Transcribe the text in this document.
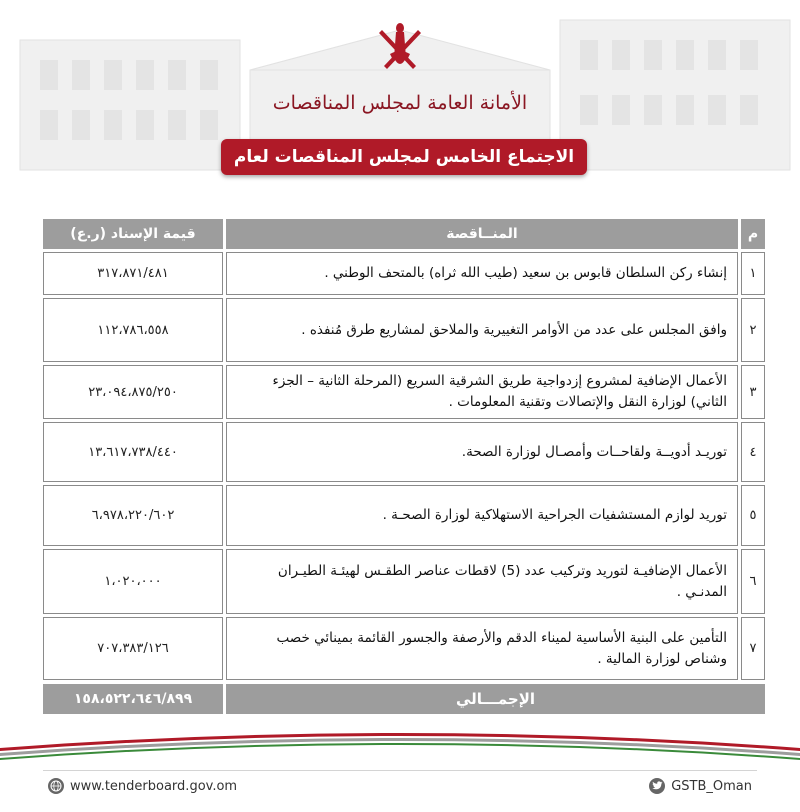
الأمانة العامة لمجلس المناقصات
الاجتماع الخامس لمجلس المناقصات لعام 2020م
م
المنــاقصة
قيمة الإسناد (ر.ع)
١
إنشاء ركن السلطان قابوس بن سعيد (طيب الله ثراه) بالمتحف الوطني .
٣١٧،٨٧١/٤٨١
٢
وافق المجلس على عدد من الأوامر التغييرية والملاحق لمشاريع طرق مُنفذه .
١١٢،٧٨٦،٥٥٨
٣
الأعمال الإضافية لمشروع إزدواجية طريق الشرقية السريع (المرحلة الثانية – الجزء الثاني) لوزارة النقل والإتصالات وتقنية المعلومات .
٢٣،٠٩٤،٨٧٥/٢٥٠
٤
توريـد أدويــة ولقاحــات وأمصـال لوزارة الصحة.
١٣،٦١٧،٧٣٨/٤٤٠
٥
توريد لوازم المستشفيات الجراحية الاستهلاكية لوزارة الصحـة .
٦،٩٧٨،٢٢٠/٦٠٢
٦
الأعمال الإضافيـة لتوريد وتركيب عدد (5) لاقطات عناصر الطقـس لهيئـة الطيـران المدنـي .
١،٠٢٠،٠٠٠
٧
التأمين على البنية الأساسية لميناء الدقم والأرصفة والجسور القائمة بمينائي خصب وشناص لوزارة المالية .
٧٠٧،٣٨٣/١٢٦
الإجمـــالي
١٥٨،٥٢٢،٦٤٦/٨٩٩
www.tenderboard.gov.om	GSTB_Oman
